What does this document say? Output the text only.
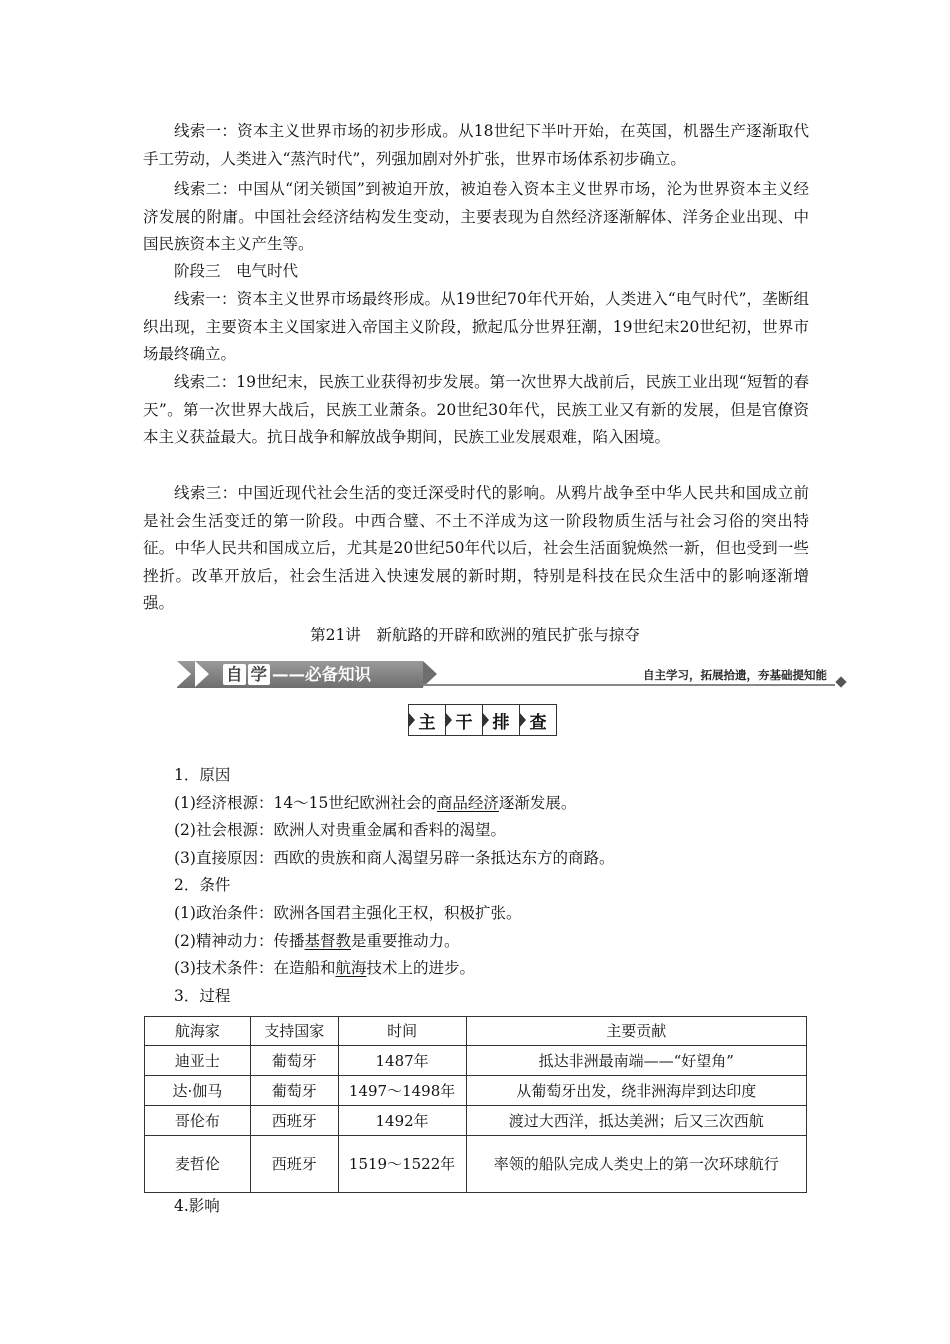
线索一：资本主义世界市场的初步形成。从18世纪下半叶开始，在英国，机器生产逐渐取代手工劳动，人类进入“蒸汽时代”，列强加剧对外扩张，世界市场体系初步确立。

线索二：中国从“闭关锁国”到被迫开放，被迫卷入资本主义世界市场，沦为世界资本主义经济发展的附庸。中国社会经济结构发生变动，主要表现为自然经济逐渐解体、洋务企业出现、中国民族资本主义产生等。

阶段三　电气时代

线索一：资本主义世界市场最终形成。从19世纪70年代开始，人类进入“电气时代”，垄断组织出现，主要资本主义国家进入帝国主义阶段，掀起瓜分世界狂潮，19世纪末20世纪初，世界市场最终确立。

线索二：19世纪末，民族工业获得初步发展。第一次世界大战前后，民族工业出现“短暂的春天”。第一次世界大战后，民族工业萧条。20世纪30年代，民族工业又有新的发展，但是官僚资本主义获益最大。抗日战争和解放战争期间，民族工业发展艰难，陷入困境。

线索三：中国近现代社会生活的变迁深受时代的影响。从鸦片战争至中华人民共和国成立前是社会生活变迁的第一阶段。中西合璧、不土不洋成为这一阶段物质生活与社会习俗的突出特征。中华人民共和国成立后，尤其是20世纪50年代以后，社会生活面貌焕然一新，但也受到一些挫折。改革开放后，社会生活进入快速发展的新时期，特别是科技在民众生活中的影响逐渐增强。

第21讲　新航路的开辟和欧洲的殖民扩张与掠夺

自 学 ——必备知识	自主学习，拓展拾遗，夯基础提知能
主 干 排 查

1．原因

(1)经济根源：14～15世纪欧洲社会的商品经济逐渐发展。

(2)社会根源：欧洲人对贵重金属和香料的渴望。

(3)直接原因：西欧的贵族和商人渴望另辟一条抵达东方的商路。

2．条件

(1)政治条件：欧洲各国君主强化王权，积极扩张。

(2)精神动力：传播基督教是重要推动力。

(3)技术条件：在造船和航海技术上的进步。

3．过程

航海家	支持国家	时间	主要贡献
迪亚士	葡萄牙	1487年	抵达非洲最南端——“好望角”
达·伽马	葡萄牙	1497～1498年	从葡萄牙出发，绕非洲海岸到达印度
哥伦布	西班牙	1492年	渡过大西洋，抵达美洲；后又三次西航
麦哲伦	西班牙	1519～1522年	率领的船队完成人类史上的第一次环球航行

4.影响
